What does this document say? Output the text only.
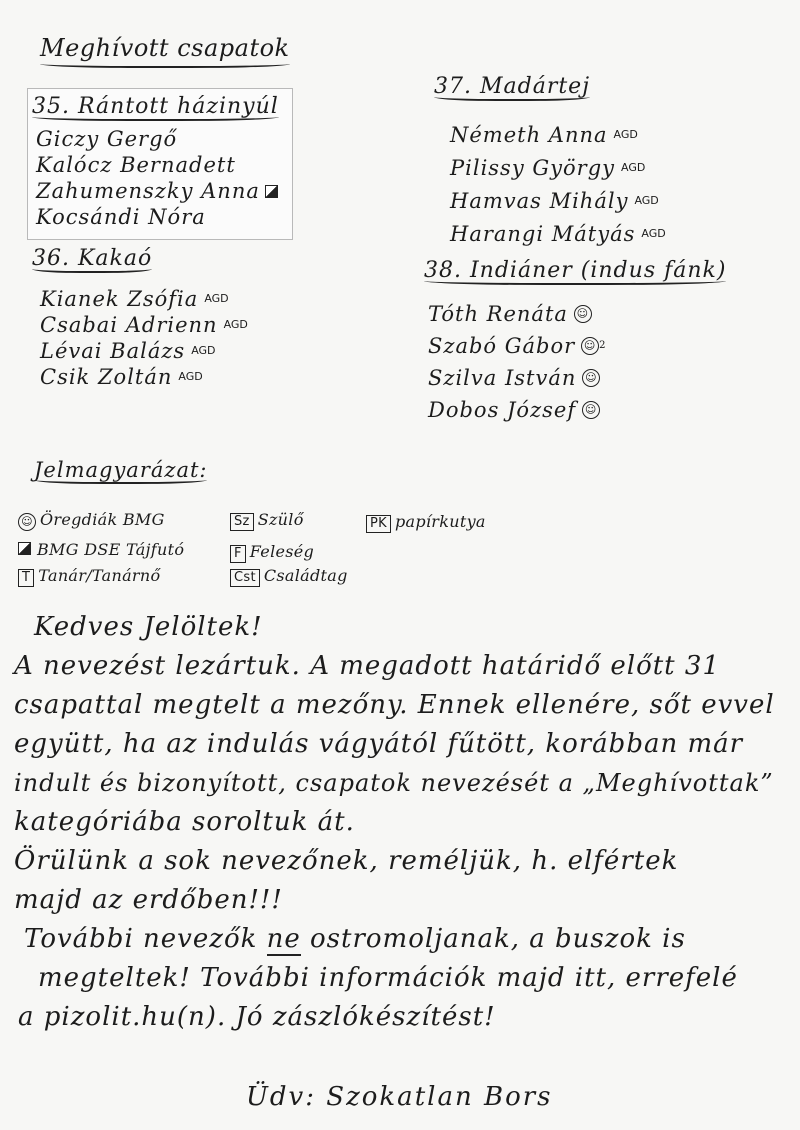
Meghívott csapatok
35. Rántott házinyúl
Giczy Gergő
Kalócz Bernadett
Zahumenszky Anna
Kocsándi Nóra
36. Kakaó
Kianek Zsófia AGD
Csabai Adrienn AGD
Lévai Balázs AGD
Csik Zoltán AGD
37. Madártej
Németh Anna AGD
Pilissy György AGD
Hamvas Mihály AGD
Harangi Mátyás AGD
38. Indiáner (indus fánk)
Tóth Renáta ☺
Szabó Gábor ☺ 2
Szilva István ☺
Dobos József ☺
Jelmagyarázat:
☺ Öregdiák BMG	Sz Szülő	PK papírkutya
BMG DSE Tájfutó	F Feleség
T Tanár/Tanárnő	Cst Családtag

Kedves Jelöltek!

A nevezést lezártuk. A megadott határidő előtt 31

csapattal megtelt a mezőny. Ennek ellenére, sőt evvel

együtt, ha az indulás vágyától fűtött, korábban már

indult és bizonyított, csapatok nevezését a „Meghívottak”

kategóriába soroltuk át.

Örülünk a sok nevezőnek, reméljük, h. elfértek

majd az erdőben!!!

További nevezők ne ostromoljanak, a buszok is

megteltek! További információk majd itt, errefelé

a pizolit.hu(n). Jó zászlókészítést!

Üdv: Szokatlan Bors
